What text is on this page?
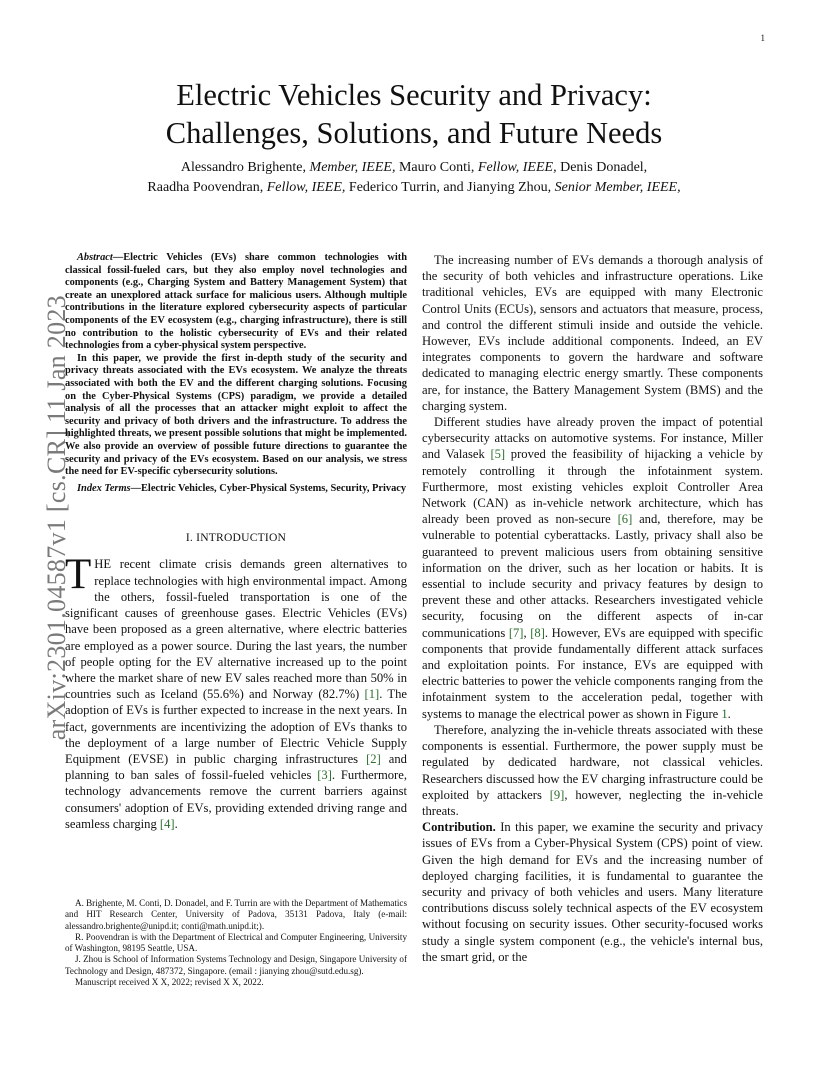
1
arXiv:2301.04587v1 [cs.CR] 11 Jan 2023
Electric Vehicles Security and Privacy:
Challenges, Solutions, and Future Needs
Alessandro Brighente, Member, IEEE, Mauro Conti, Fellow, IEEE, Denis Donadel,
Raadha Poovendran, Fellow, IEEE, Federico Turrin, and Jianying Zhou, Senior Member, IEEE,

Abstract—Electric Vehicles (EVs) share common technologies with classical fossil-fueled cars, but they also employ novel technologies and components (e.g., Charging System and Battery Management System) that create an unexplored attack surface for malicious users. Although multiple contributions in the literature explored cybersecurity aspects of particular components of the EV ecosystem (e.g., charging infrastructure), there is still no contribution to the holistic cybersecurity of EVs and their related technologies from a cyber-physical system perspective.

In this paper, we provide the first in-depth study of the security and privacy threats associated with the EVs ecosystem. We analyze the threats associated with both the EV and the different charging solutions. Focusing on the Cyber-Physical Systems (CPS) paradigm, we provide a detailed analysis of all the processes that an attacker might exploit to affect the security and privacy of both drivers and the infrastructure. To address the highlighted threats, we present possible solutions that might be implemented. We also provide an overview of possible future directions to guarantee the security and privacy of the EVs ecosystem. Based on our analysis, we stress the need for EV-specific cybersecurity solutions.

Index Terms—Electric Vehicles, Cyber-Physical Systems, Security, Privacy

I. INTRODUCTION

THE recent climate crisis demands green alternatives to replace technologies with high environmental impact. Among the others, fossil-fueled transportation is one of the significant causes of greenhouse gases. Electric Vehicles (EVs) have been proposed as a green alternative, where electric batteries are employed as a power source. During the last years, the number of people opting for the EV alternative increased up to the point where the market share of new EV sales reached more than 50% in countries such as Iceland (55.6%) and Norway (82.7%) [1]. The adoption of EVs is further expected to increase in the next years. In fact, governments are incentivizing the adoption of EVs thanks to the deployment of a large number of Electric Vehicle Supply Equipment (EVSE) in public charging infrastructures [2] and planning to ban sales of fossil-fueled vehicles [3]. Furthermore, technology advancements remove the current barriers against consumers' adoption of EVs, providing extended driving range and seamless charging [4].

A. Brighente, M. Conti, D. Donadel, and F. Turrin are with the Department of Mathematics and HIT Research Center, University of Padova, 35131 Padova, Italy (e-mail: alessandro.brighente@unipd.it; conti@math.unipd.it;).

R. Poovendran is with the Department of Electrical and Computer Engineering, University of Washington, 98195 Seattle, USA.

J. Zhou is School of Information Systems Technology and Design, Singapore University of Technology and Design, 487372, Singapore. (email : jianying zhou@sutd.edu.sg).

Manuscript received X X, 2022; revised X X, 2022.

The increasing number of EVs demands a thorough analysis of the security of both vehicles and infrastructure operations. Like traditional vehicles, EVs are equipped with many Electronic Control Units (ECUs), sensors and actuators that measure, process, and control the different stimuli inside and outside the vehicle. However, EVs include additional components. Indeed, an EV integrates components to govern the hardware and software dedicated to managing electric energy smartly. These components are, for instance, the Battery Management System (BMS) and the charging system.

Different studies have already proven the impact of potential cybersecurity attacks on automotive systems. For instance, Miller and Valasek [5] proved the feasibility of hijacking a vehicle by remotely controlling it through the infotainment system. Furthermore, most existing vehicles exploit Controller Area Network (CAN) as in-vehicle network architecture, which has already been proved as non-secure [6] and, therefore, may be vulnerable to potential cyberattacks. Lastly, privacy shall also be guaranteed to prevent malicious users from obtaining sensitive information on the driver, such as her location or habits. It is essential to include security and privacy features by design to prevent these and other attacks. Researchers investigated vehicle security, focusing on the different aspects of in-car communications [7], [8]. However, EVs are equipped with specific components that provide fundamentally different attack surfaces and exploitation points. For instance, EVs are equipped with electric batteries to power the vehicle components ranging from the infotainment system to the acceleration pedal, together with systems to manage the electrical power as shown in Figure 1.

Therefore, analyzing the in-vehicle threats associated with these components is essential. Furthermore, the power supply must be regulated by dedicated hardware, not classical vehicles. Researchers discussed how the EV charging infrastructure could be exploited by attackers [9], however, neglecting the in-vehicle threats.

Contribution. In this paper, we examine the security and privacy issues of EVs from a Cyber-Physical System (CPS) point of view. Given the high demand for EVs and the increasing number of deployed charging facilities, it is fundamental to guarantee the security and privacy of both vehicles and users. Many literature contributions discuss solely technical aspects of the EV ecosystem without focusing on security issues. Other security-focused works study a single system component (e.g., the vehicle's internal bus, the smart grid, or the
